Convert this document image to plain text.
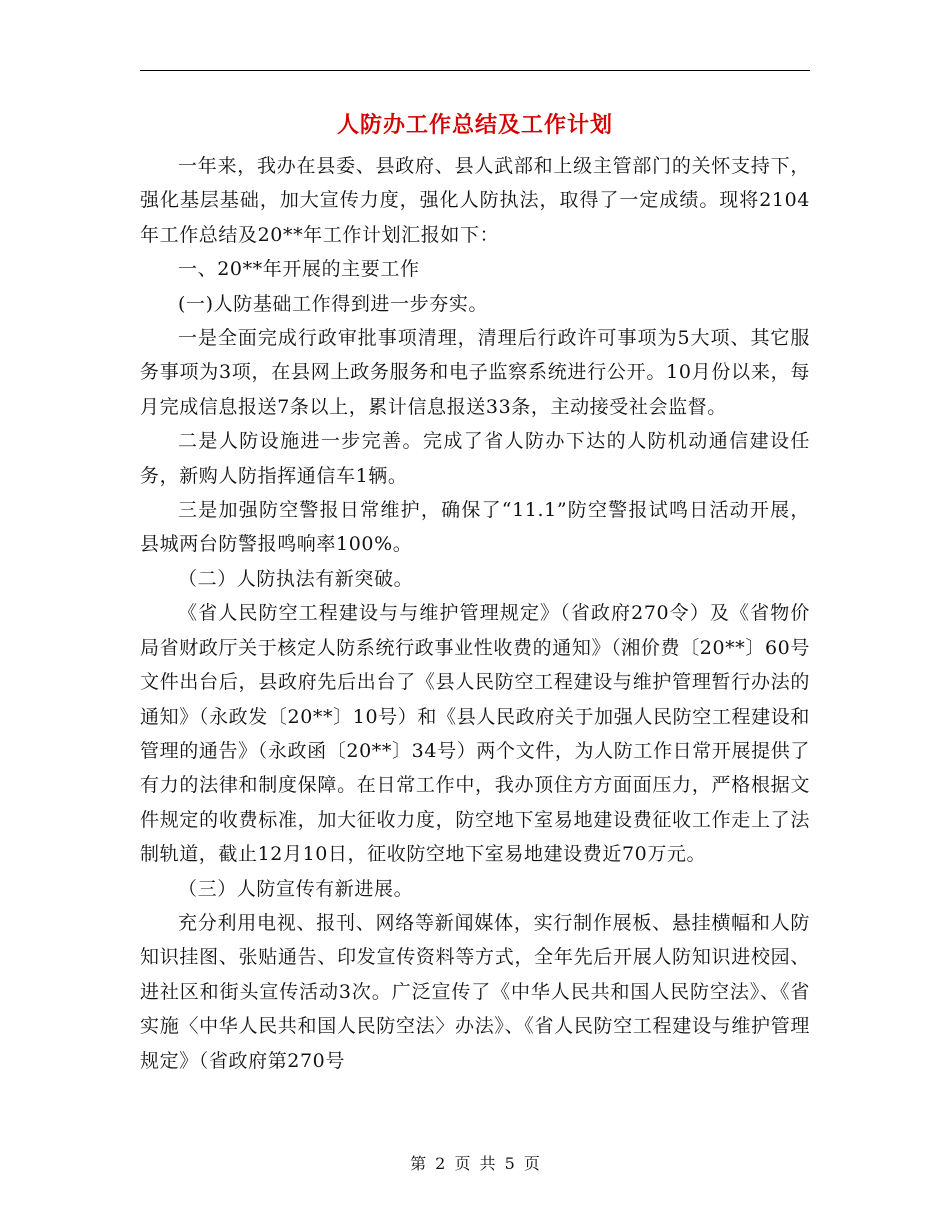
人防办工作总结及工作计划

一年来，我办在县委、县政府、县人武部和上级主管部门的关怀支持下，强化基层基础，加大宣传力度，强化人防执法，取得了一定成绩。现将2104年工作总结及20**年工作计划汇报如下：

一、20**年开展的主要工作

(一)人防基础工作得到进一步夯实。

一是全面完成行政审批事项清理，清理后行政许可事项为5大项、其它服务事项为3项，在县网上政务服务和电子监察系统进行公开。10月份以来，每月完成信息报送7条以上，累计信息报送33条，主动接受社会监督。

二是人防设施进一步完善。完成了省人防办下达的人防机动通信建设任务，新购人防指挥通信车1辆。

三是加强防空警报日常维护，确保了“11.1”防空警报试鸣日活动开展，县城两台防警报鸣响率100%。

（二）人防执法有新突破。

《省人民防空工程建设与与维护管理规定》（省政府270令）及《省物价局省财政厅关于核定人防系统行政事业性收费的通知》（湘价费〔20**〕60号文件出台后，县政府先后出台了《县人民防空工程建设与维护管理暂行办法的通知》（永政发〔20**〕10号）和《县人民政府关于加强人民防空工程建设和管理的通告》（永政函〔20**〕34号）两个文件，为人防工作日常开展提供了有力的法律和制度保障。在日常工作中，我办顶住方方面面压力，严格根据文件规定的收费标准，加大征收力度，防空地下室易地建设费征收工作走上了法制轨道，截止12月10日，征收防空地下室易地建设费近70万元。

（三）人防宣传有新进展。

充分利用电视、报刊、网络等新闻媒体，实行制作展板、悬挂横幅和人防知识挂图、张贴通告、印发宣传资料等方式，全年先后开展人防知识进校园、进社区和街头宣传活动3次。广泛宣传了《中华人民共和国人民防空法》、《省实施〈中华人民共和国人民防空法〉办法》、《省人民防空工程建设与维护管理规定》（省政府第270号

第 2 页 共 5 页
